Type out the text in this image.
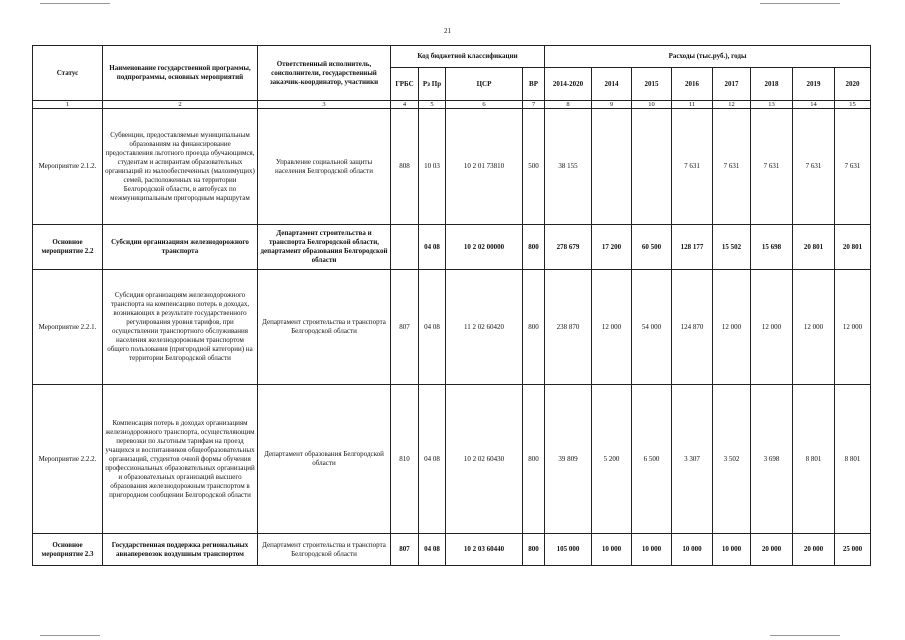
21
Статус	Наименование государственной программы, подпрограммы, основных мероприятий	Ответственный исполнитель, соисполнители, государственный заказчик-координатор, участники	Код бюджетной классификации				Расходы (тыс.руб.), годы							
			ГРБС	Рз Пр	ЦСР	ВР	2014-2020	2014	2015	2016	2017	2018	2019	2020
1	2	3	4	5	6	7	8	9	10	11	12	13	14	15
Мероприятие 2.1.2.	Субвенции, предоставляемые муниципальным образованиям на финансирование предоставления льготного проезда обучающимся, студентам и аспирантам образовательных организаций из малообеспеченных (малоимущих) семей, расположенных на территории Белгородской области, в автобусах по межмуниципальным пригородным маршрутам	Управление социальной защиты населения Белгородской области	808	10 03	10 2 01 73810	500	38 155			7 631	7 631	7 631	7 631	7 631
Основное мероприятие 2.2	Субсидии организациям железнодорожного транспорта	Департамент строительства и транспорта Белгородской области, департамент образования Белгородской области		04 08	10 2 02 00000	800	278 679	17 200	60 500	128 177	15 502	15 698	20 801	20 801
Мероприятие 2.2.1.	Субсидия организациям железнодорожного транспорта на компенсацию потерь в доходах, возникающих в результате государственного регулирования уровня тарифов, при осуществлении транспортного обслуживания населения железнодорожным транспортом общего пользования (пригородной категории) на территории Белгородской области	Департамент строительства и транспорта Белгородской области	807	04 08	11 2 02 60420	800	238 870	12 000	54 000	124 870	12 000	12 000	12 000	12 000
Мероприятие 2.2.2.	Компенсация потерь в доходах организациям железнодорожного транспорта, осуществляющим перевозки по льготным тарифам на проезд учащихся и воспитанников общеобразовательных организаций, студентов очной формы обучения профессиональных образовательных организаций и образовательных организаций высшего образования железнодорожным транспортом в пригородном сообщении Белгородской области	Департамент образования Белгородской области	810	04 08	10 2 02 60430	800	39 809	5 200	6 500	3 307	3 502	3 698	8 801	8 801
Основное мероприятие 2.3	Государственная поддержка региональных авиаперевозок воздушным транспортом	Департамент строительства и транспорта Белгородской области	807	04 08	10 2 03 60440	800	105 000	10 000	10 000	10 000	10 000	20 000	20 000	25 000
